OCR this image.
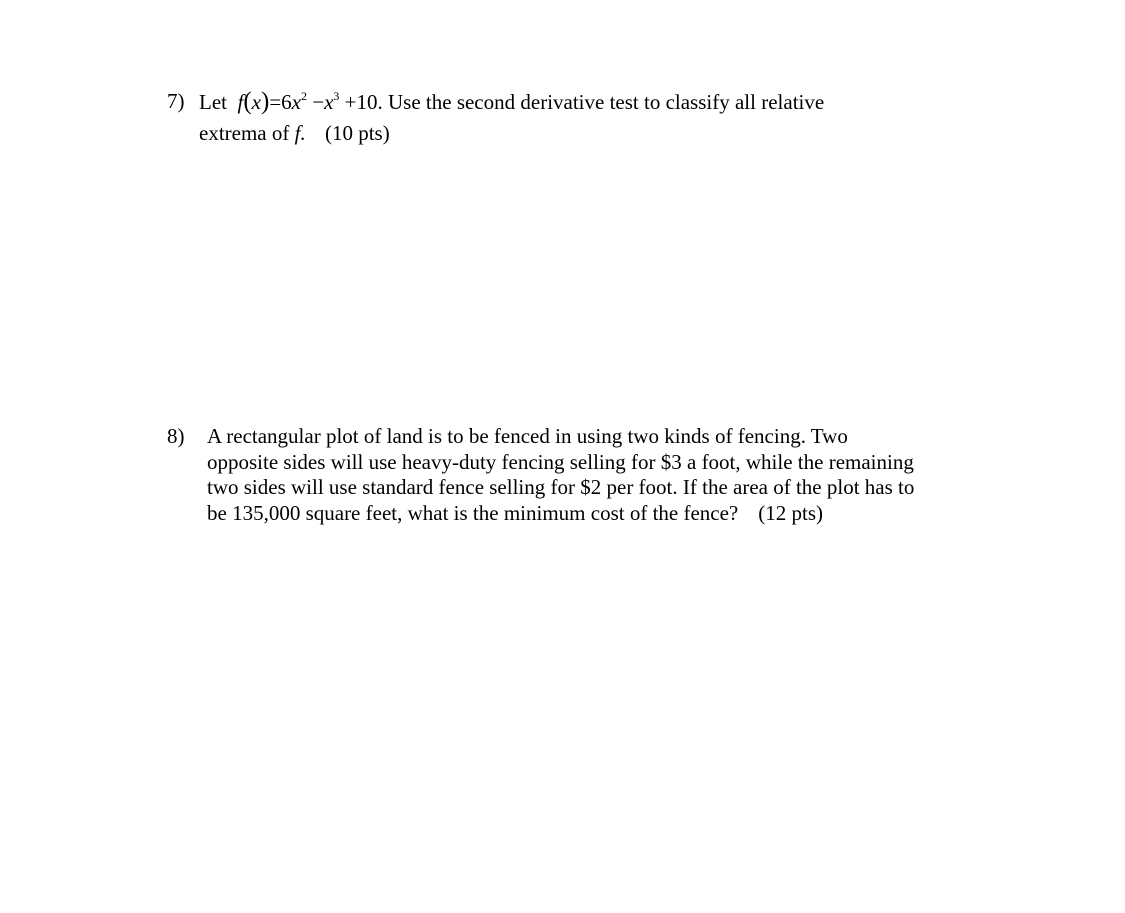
7) Let $f(x)=6x^2 -x^3 +10$. Use the second derivative test to classify all relative
extrema of f. (10 pts)
8) A rectangular plot of land is to be fenced in using two kinds of fencing. Two
opposite sides will use heavy-duty fencing selling for $3 a foot, while the remaining
two sides will use standard fence selling for $2 per foot. If the area of the plot has to
be 135,000 square feet, what is the minimum cost of the fence? (12 pts)
